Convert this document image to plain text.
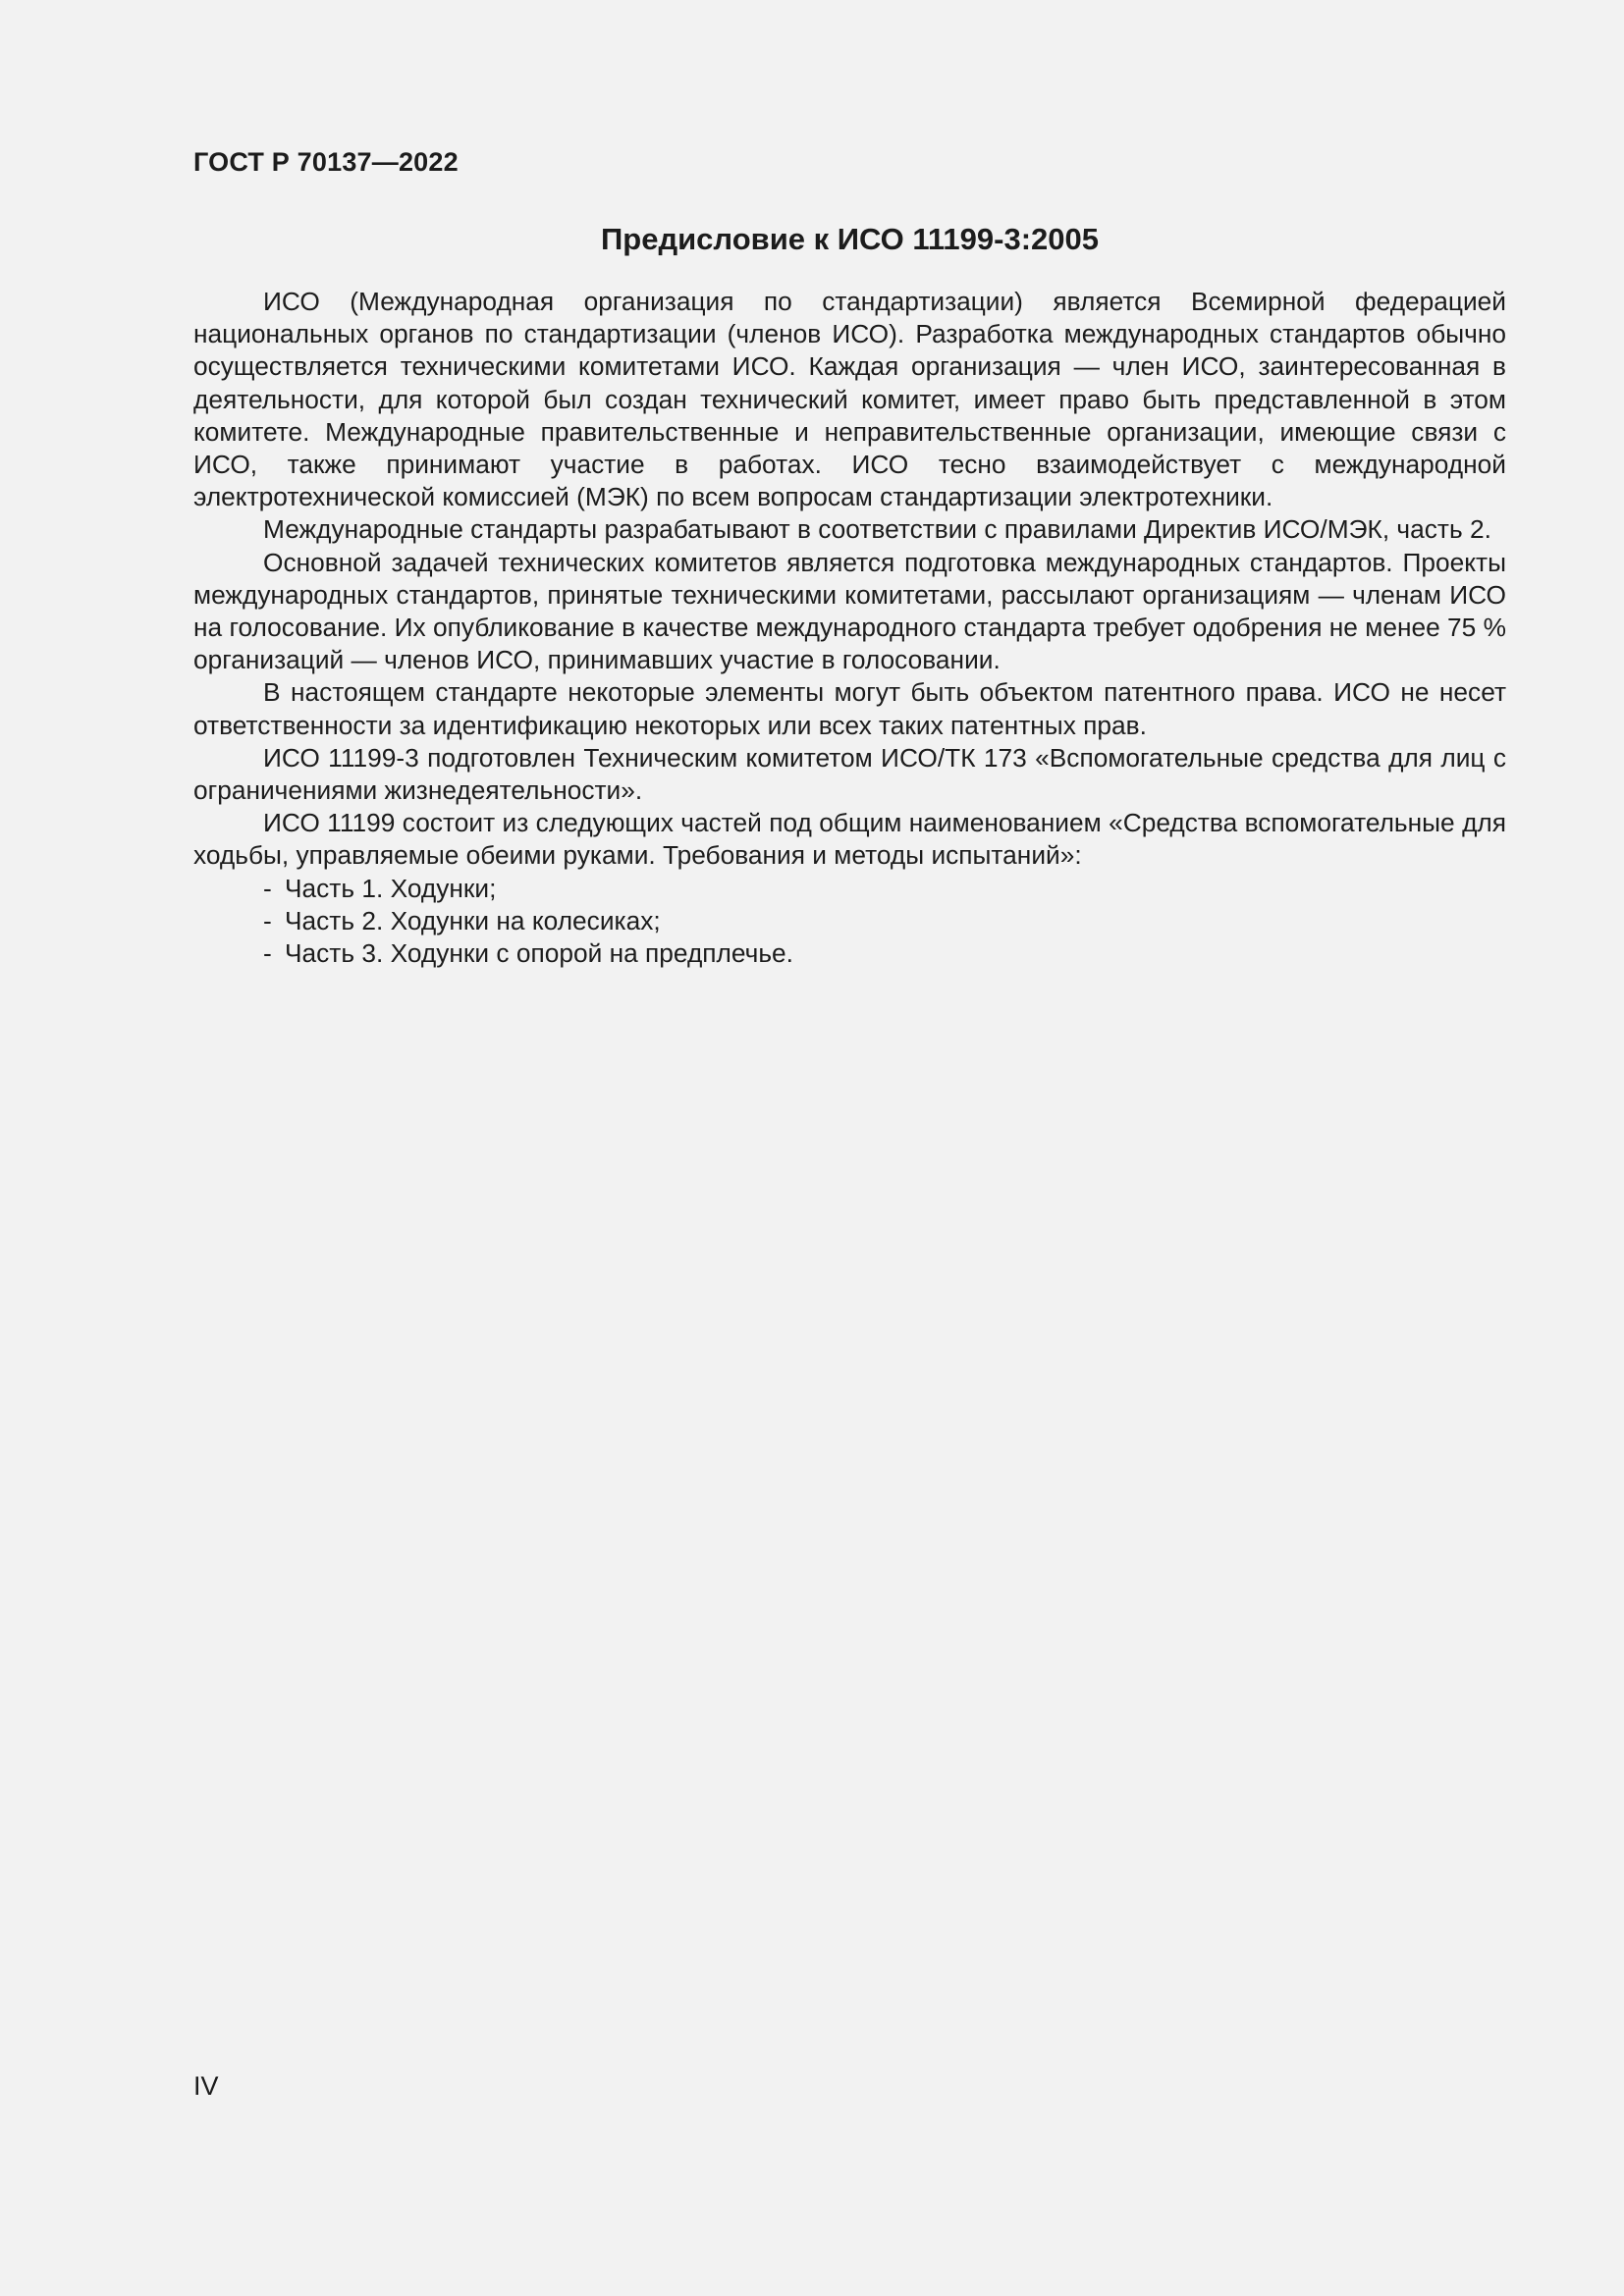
ГОСТ Р 70137—2022
Предисловие к ИСО 11199-3:2005

ИСО (Международная организация по стандартизации) является Всемирной федерацией национальных органов по стандартизации (членов ИСО). Разработка международных стандартов обычно осуществляется техническими комитетами ИСО. Каждая организация — член ИСО, заинтересованная в деятельности, для которой был создан технический комитет, имеет право быть представленной в этом комитете. Международные правительственные и неправительственные организации, имеющие связи с ИСО, также принимают участие в работах. ИСО тесно взаимодействует с международной электротехнической комиссией (МЭК) по всем вопросам стандартизации электротехники.

Международные стандарты разрабатывают в соответствии с правилами Директив ИСО/МЭК, часть 2.

Основной задачей технических комитетов является подготовка международных стандартов. Проекты международных стандартов, принятые техническими комитетами, рассылают организациям — членам ИСО на голосование. Их опубликование в качестве международного стандарта требует одобрения не менее 75 % организаций — членов ИСО, принимавших участие в голосовании.

В настоящем стандарте некоторые элементы могут быть объектом патентного права. ИСО не несет ответственности за идентификацию некоторых или всех таких патентных прав.

ИСО 11199-3 подготовлен Техническим комитетом ИСО/ТК 173 «Вспомогательные средства для лиц с ограничениями жизнедеятельности».

ИСО 11199 состоит из следующих частей под общим наименованием «Средства вспомогательные для ходьбы, управляемые обеими руками. Требования и методы испытаний»:

- Часть 1. Ходунки;
- Часть 2. Ходунки на колесиках;
- Часть 3. Ходунки с опорой на предплечье.
IV
